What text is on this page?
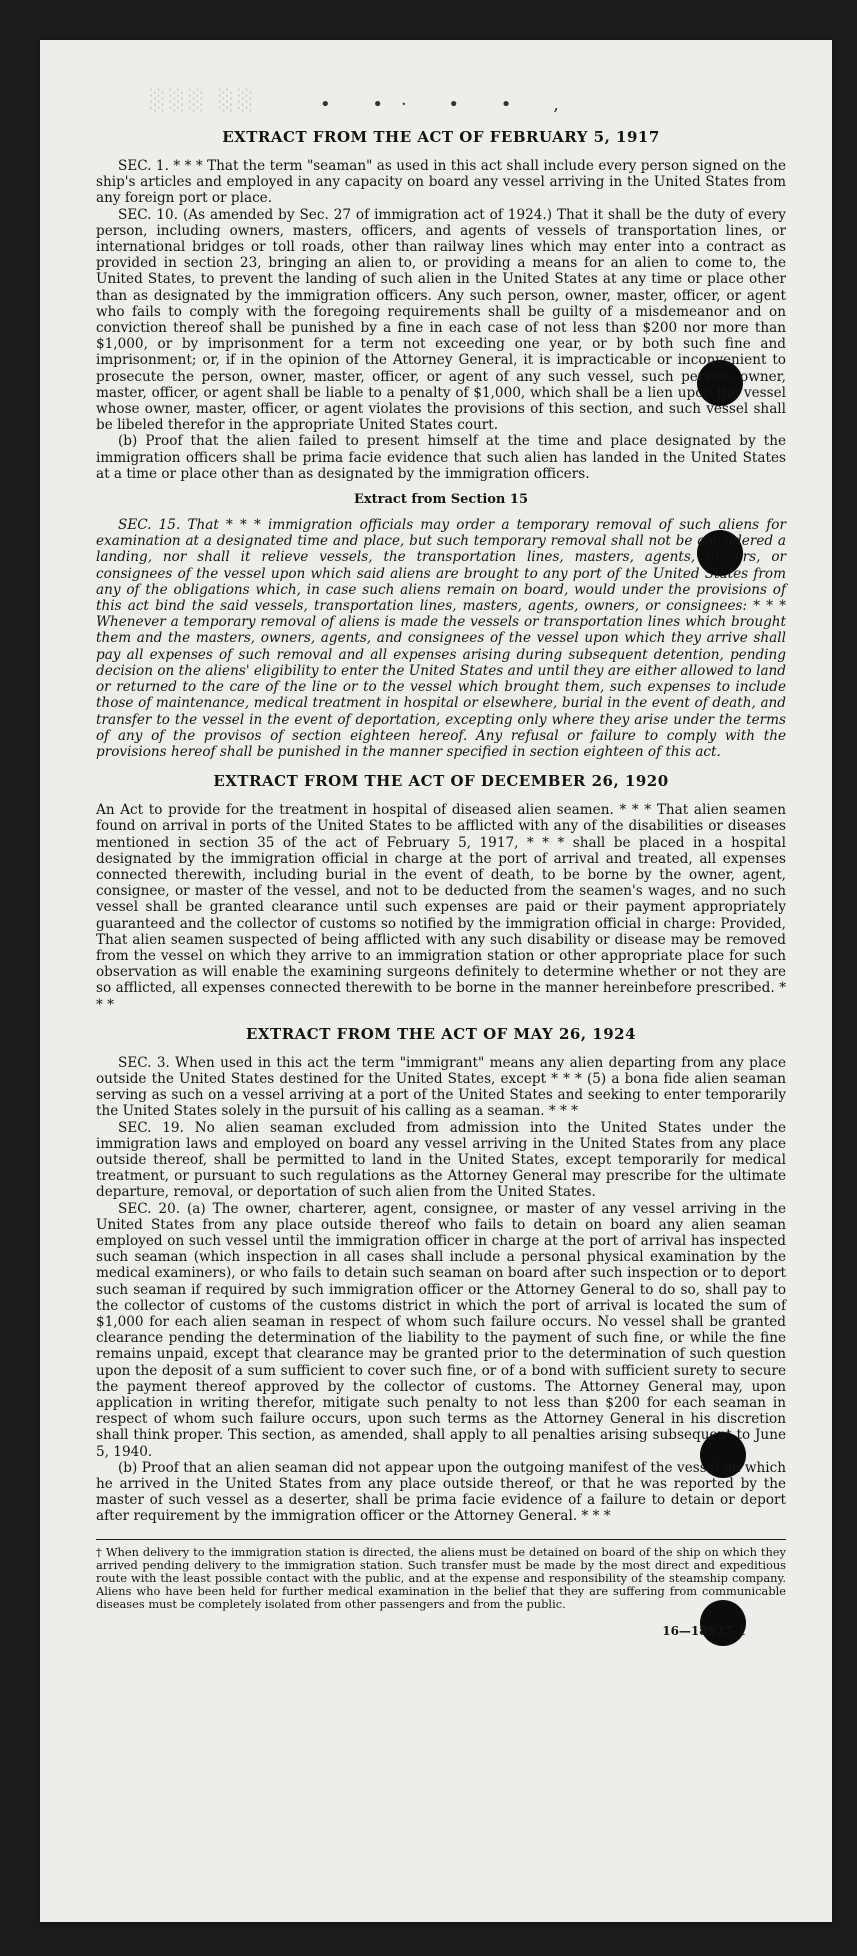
░░░ ░░	• •· • • ‚
EXTRACT FROM THE ACT OF FEBRUARY 5, 1917

SEC. 1. * * * That the term "seaman" as used in this act shall include every person signed on the ship's articles and employed in any capacity on board any vessel arriving in the United States from any foreign port or place.

SEC. 10. (As amended by Sec. 27 of immigration act of 1924.) That it shall be the duty of every person, including owners, masters, officers, and agents of vessels of transportation lines, or international bridges or toll roads, other than railway lines which may enter into a contract as provided in section 23, bringing an alien to, or providing a means for an alien to come to, the United States, to prevent the landing of such alien in the United States at any time or place other than as designated by the immigration officers. Any such person, owner, master, officer, or agent who fails to comply with the foregoing requirements shall be guilty of a misdemeanor and on conviction thereof shall be punished by a fine in each case of not less than $200 nor more than $1,000, or by imprisonment for a term not exceeding one year, or by both such fine and imprisonment; or, if in the opinion of the Attorney General, it is impracticable or inconvenient to prosecute the person, owner, master, officer, or agent of any such vessel, such person, owner, master, officer, or agent shall be liable to a penalty of $1,000, which shall be a lien upon the vessel whose owner, master, officer, or agent violates the provisions of this section, and such vessel shall be libeled therefor in the appropriate United States court.

(b) Proof that the alien failed to present himself at the time and place designated by the immigration officers shall be prima facie evidence that such alien has landed in the United States at a time or place other than as designated by the immigration officers.

Extract from Section 15

SEC. 15. That * * * immigration officials may order a temporary removal of such aliens for examination at a designated time and place, but such temporary removal shall not be considered a landing, nor shall it relieve vessels, the transportation lines, masters, agents, owners, or consignees of the vessel upon which said aliens are brought to any port of the United States from any of the obligations which, in case such aliens remain on board, would under the provisions of this act bind the said vessels, transportation lines, masters, agents, owners, or consignees: * * * Whenever a temporary removal of aliens is made the vessels or transportation lines which brought them and the masters, owners, agents, and consignees of the vessel upon which they arrive shall pay all expenses of such removal and all expenses arising during subsequent detention, pending decision on the aliens' eligibility to enter the United States and until they are either allowed to land or returned to the care of the line or to the vessel which brought them, such expenses to include those of maintenance, medical treatment in hospital or elsewhere, burial in the event of death, and transfer to the vessel in the event of deportation, excepting only where they arise under the terms of any of the provisos of section eighteen hereof. Any refusal or failure to comply with the provisions hereof shall be punished in the manner specified in section eighteen of this act.

EXTRACT FROM THE ACT OF DECEMBER 26, 1920

An Act to provide for the treatment in hospital of diseased alien seamen. * * * That alien seamen found on arrival in ports of the United States to be afflicted with any of the disabilities or diseases mentioned in section 35 of the act of February 5, 1917, * * * shall be placed in a hospital designated by the immigration official in charge at the port of arrival and treated, all expenses connected therewith, including burial in the event of death, to be borne by the owner, agent, consignee, or master of the vessel, and not to be deducted from the seamen's wages, and no such vessel shall be granted clearance until such expenses are paid or their payment appropriately guaranteed and the collector of customs so notified by the immigration official in charge: Provided, That alien seamen suspected of being afflicted with any such disability or disease may be removed from the vessel on which they arrive to an immigration station or other appropriate place for such observation as will enable the examining surgeons definitely to determine whether or not they are so afflicted, all expenses connected therewith to be borne in the manner hereinbefore prescribed. * * *

EXTRACT FROM THE ACT OF MAY 26, 1924

SEC. 3. When used in this act the term "immigrant" means any alien departing from any place outside the United States destined for the United States, except * * * (5) a bona fide alien seaman serving as such on a vessel arriving at a port of the United States and seeking to enter temporarily the United States solely in the pursuit of his calling as a seaman. * * *

SEC. 19. No alien seaman excluded from admission into the United States under the immigration laws and employed on board any vessel arriving in the United States from any place outside thereof, shall be permitted to land in the United States, except temporarily for medical treatment, or pursuant to such regulations as the Attorney General may prescribe for the ultimate departure, removal, or deportation of such alien from the United States.

SEC. 20. (a) The owner, charterer, agent, consignee, or master of any vessel arriving in the United States from any place outside thereof who fails to detain on board any alien seaman employed on such vessel until the immigration officer in charge at the port of arrival has inspected such seaman (which inspection in all cases shall include a personal physical examination by the medical examiners), or who fails to detain such seaman on board after such inspection or to deport such seaman if required by such immigration officer or the Attorney General to do so, shall pay to the collector of customs of the customs district in which the port of arrival is located the sum of $1,000 for each alien seaman in respect of whom such failure occurs. No vessel shall be granted clearance pending the determination of the liability to the payment of such fine, or while the fine remains unpaid, except that clearance may be granted prior to the determination of such question upon the deposit of a sum sufficient to cover such fine, or of a bond with sufficient surety to secure the payment thereof approved by the collector of customs. The Attorney General may, upon application in writing therefor, mitigate such penalty to not less than $200 for each seaman in respect of whom such failure occurs, upon such terms as the Attorney General in his discretion shall think proper. This section, as amended, shall apply to all penalties arising subsequent to June 5, 1940.

(b) Proof that an alien seaman did not appear upon the outgoing manifest of the vessel on which he arrived in the United States from any place outside thereof, or that he was reported by the master of such vessel as a deserter, shall be prima facie evidence of a failure to detain or deport after requirement by the immigration officer or the Attorney General. * * *

† When delivery to the immigration station is directed, the aliens must be detained on board of the ship on which they arrived pending delivery to the immigration station. Such transfer must be made by the most direct and expeditious route with the least possible contact with the public, and at the expense and responsibility of the steamship company. Aliens who have been held for further medical examination in the belief that they are suffering from communicable diseases must be completely isolated from other passengers and from the public.

16—18927-1
